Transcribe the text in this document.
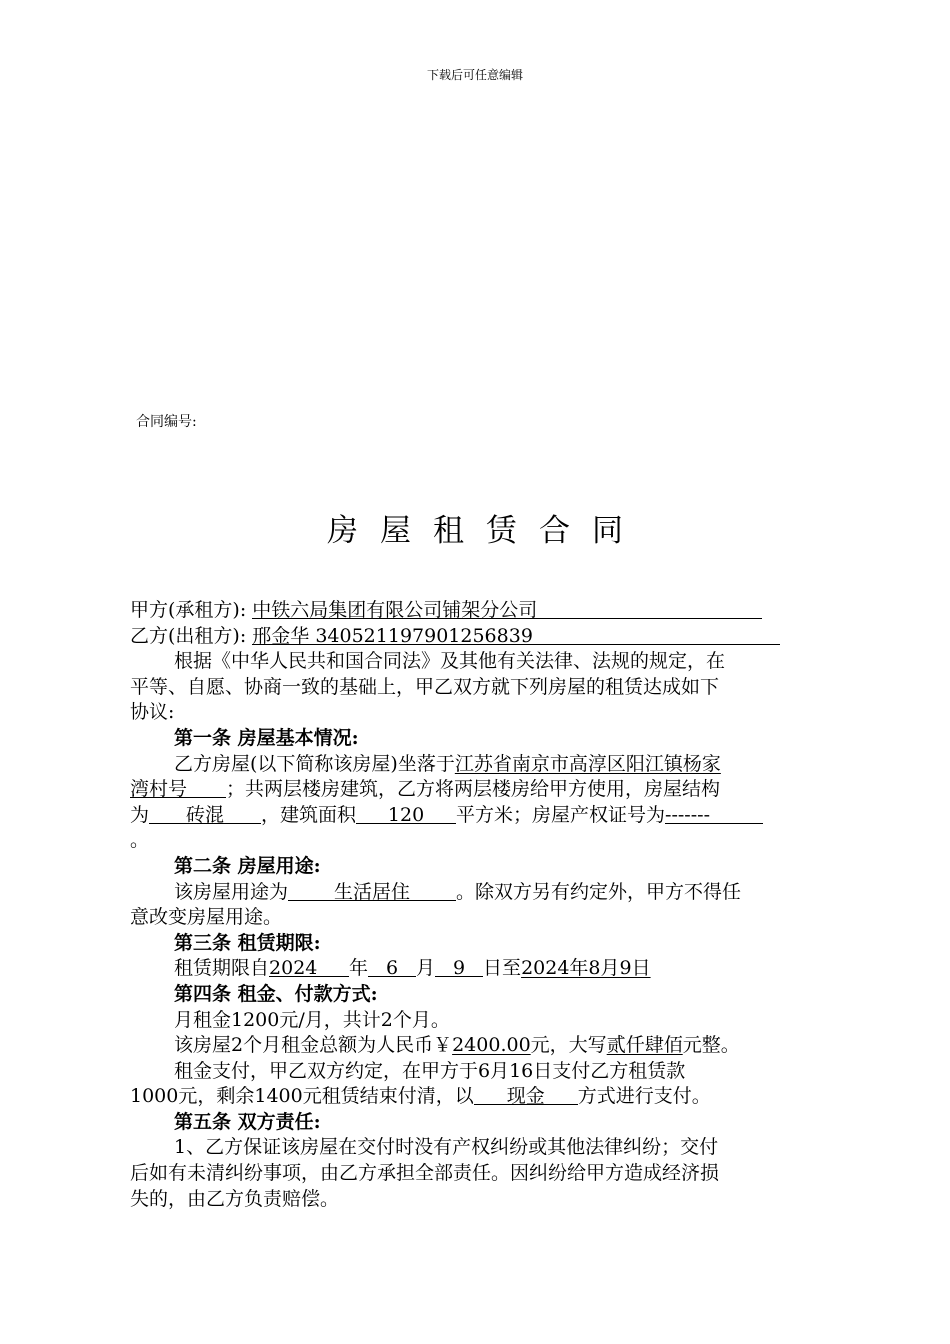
下载后可任意编辑
合同编号:
房屋租赁合同
甲方(承租方): 中铁六局集团有限公司铺架分公司
乙方(出租方): 邢金华 340521197901256839
根据《中华人民共和国合同法》及其他有关法律、法规的规定，在
平等、自愿、协商一致的基础上，甲乙双方就下列房屋的租赁达成如下
协议:
第一条 房屋基本情况:
乙方房屋(以下简称该房屋)坐落于江苏省南京市高淳区阳江镇杨家
湾村号 ；共两层楼房建筑，乙方将两层楼房给甲方使用，房屋结构
为 砖混 ，建筑面积 120 平方米；房屋产权证号为-------
。
第二条 房屋用途:
该房屋用途为 生活居住 。除双方另有约定外，甲方不得任
意改变房屋用途。
第三条 租赁期限:
租赁期限自2024 年 6 月 9 日至2024年8月9日
第四条 租金、付款方式:
月租金1200元/月，共计2个月。
该房屋2个月租金总额为人民币￥2400.00元，大写贰仟肆佰元整。
租金支付，甲乙双方约定，在甲方于6月16日支付乙方租赁款
1000元，剩余1400元租赁结束付清，以 现金 方式进行支付。
第五条 双方责任:
1、乙方保证该房屋在交付时没有产权纠纷或其他法律纠纷；交付
后如有未清纠纷事项，由乙方承担全部责任。因纠纷给甲方造成经济损
失的，由乙方负责赔偿。
